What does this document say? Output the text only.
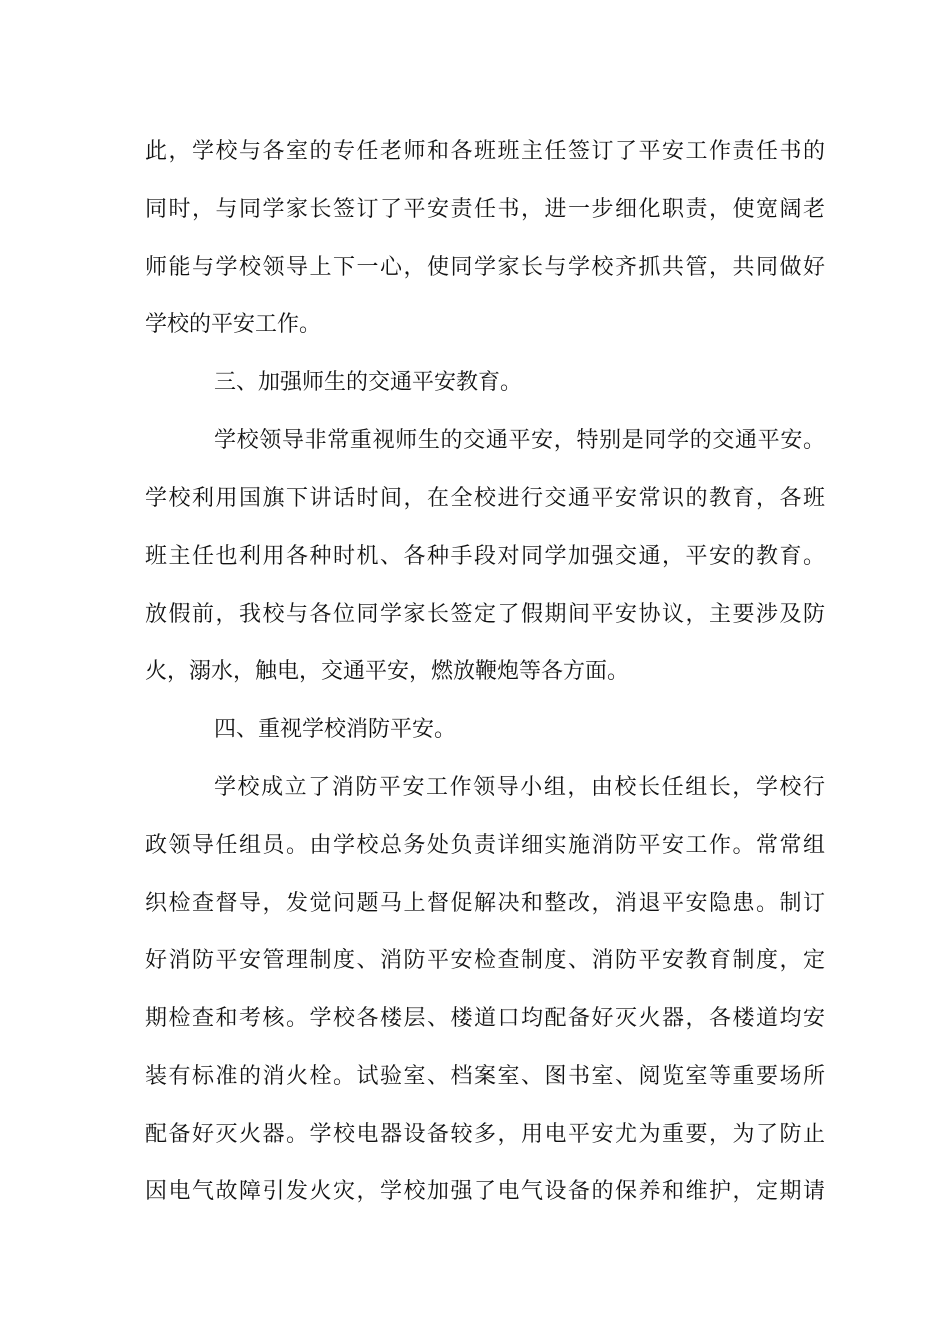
此，学校与各室的专任老师和各班班主任签订了平安工作责任书的
同时，与同学家长签订了平安责任书，进一步细化职责，使宽阔老
师能与学校领导上下一心，使同学家长与学校齐抓共管，共同做好
学校的平安工作。
三、加强师生的交通平安教育。
学校领导非常重视师生的交通平安，特别是同学的交通平安。
学校利用国旗下讲话时间，在全校进行交通平安常识的教育，各班
班主任也利用各种时机、各种手段对同学加强交通，平安的教育。
放假前，我校与各位同学家长签定了假期间平安协议，主要涉及防
火，溺水，触电，交通平安，燃放鞭炮等各方面。
四、重视学校消防平安。
学校成立了消防平安工作领导小组，由校长任组长，学校行
政领导任组员。由学校总务处负责详细实施消防平安工作。常常组
织检查督导，发觉问题马上督促解决和整改，消退平安隐患。制订
好消防平安管理制度、消防平安检查制度、消防平安教育制度，定
期检查和考核。学校各楼层、楼道口均配备好灭火器，各楼道均安
装有标准的消火栓。试验室、档案室、图书室、阅览室等重要场所
配备好灭火器。学校电器设备较多，用电平安尤为重要，为了防止
因电气故障引发火灾，学校加强了电气设备的保养和维护，定期请
